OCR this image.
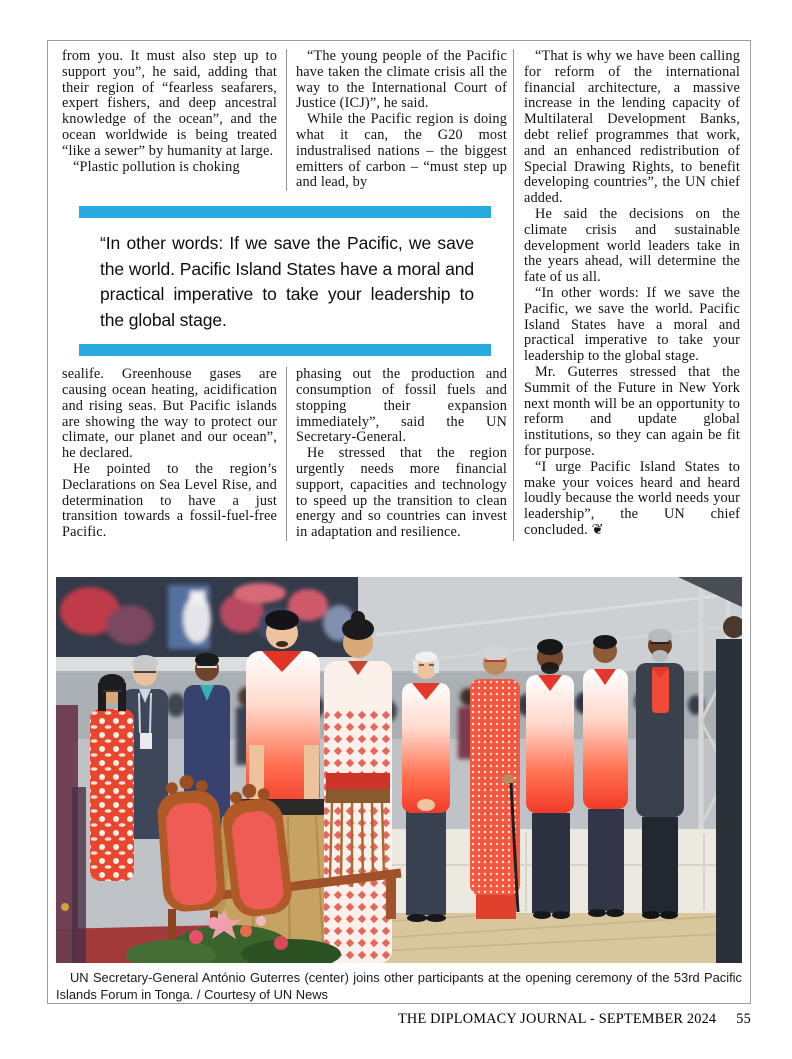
from you. It must also step up to support you”, he said, adding that their region of “fearless seafarers, expert fishers, and deep ancestral knowledge of the ocean”, and the ocean worldwide is being treated “like a sewer” by humanity at large.

“Plastic pollution is choking

“The young people of the Pacific have taken the climate crisis all the way to the International Court of Justice (ICJ)”, he said.

While the Pacific region is doing what it can, the G20 most industralised nations – the biggest emitters of carbon – “must step up and lead, by

“In other words: If we save the Pacific, we save the world. Pacific Island States have a moral and practical imperative to take your leadership to the global stage.

sealife. Greenhouse gases are causing ocean heating, acidification and rising seas. But Pacific islands are showing the way to protect our climate, our planet and our ocean”, he declared.

He pointed to the region’s Declarations on Sea Level Rise, and determination to have a just transition towards a fossil-fuel-free Pacific.

phasing out the production and consumption of fossil fuels and stopping their expansion immediately”, said the UN Secretary-General.

He stressed that the region urgently needs more financial support, capacities and technology to speed up the transition to clean energy and so countries can invest in adaptation and resilience.

“That is why we have been calling for reform of the international financial architecture, a massive increase in the lending capacity of Multilateral Development Banks, debt relief programmes that work, and an enhanced redistribution of Special Drawing Rights, to benefit developing countries”, the UN chief added.

He said the decisions on the climate crisis and sustainable development world leaders take in the years ahead, will determine the fate of us all.

“In other words: If we save the Pacific, we save the world. Pacific Island States have a moral and practical imperative to take your leadership to the global stage.

Mr. Guterres stressed that the Summit of the Future in New York next month will be an opportunity to reform and update global institutions, so they can again be fit for purpose.

“I urge Pacific Island States to make your voices heard and heard loudly because the world needs your leadership”, the UN chief concluded. ❦

UN Secretary-General António Guterres (center) joins other participants at the opening ceremony of the 53rd Pacific Islands Forum in Tonga. / Courtesy of UN News
THE DIPLOMACY JOURNAL - SEPTEMBER 2024 55
